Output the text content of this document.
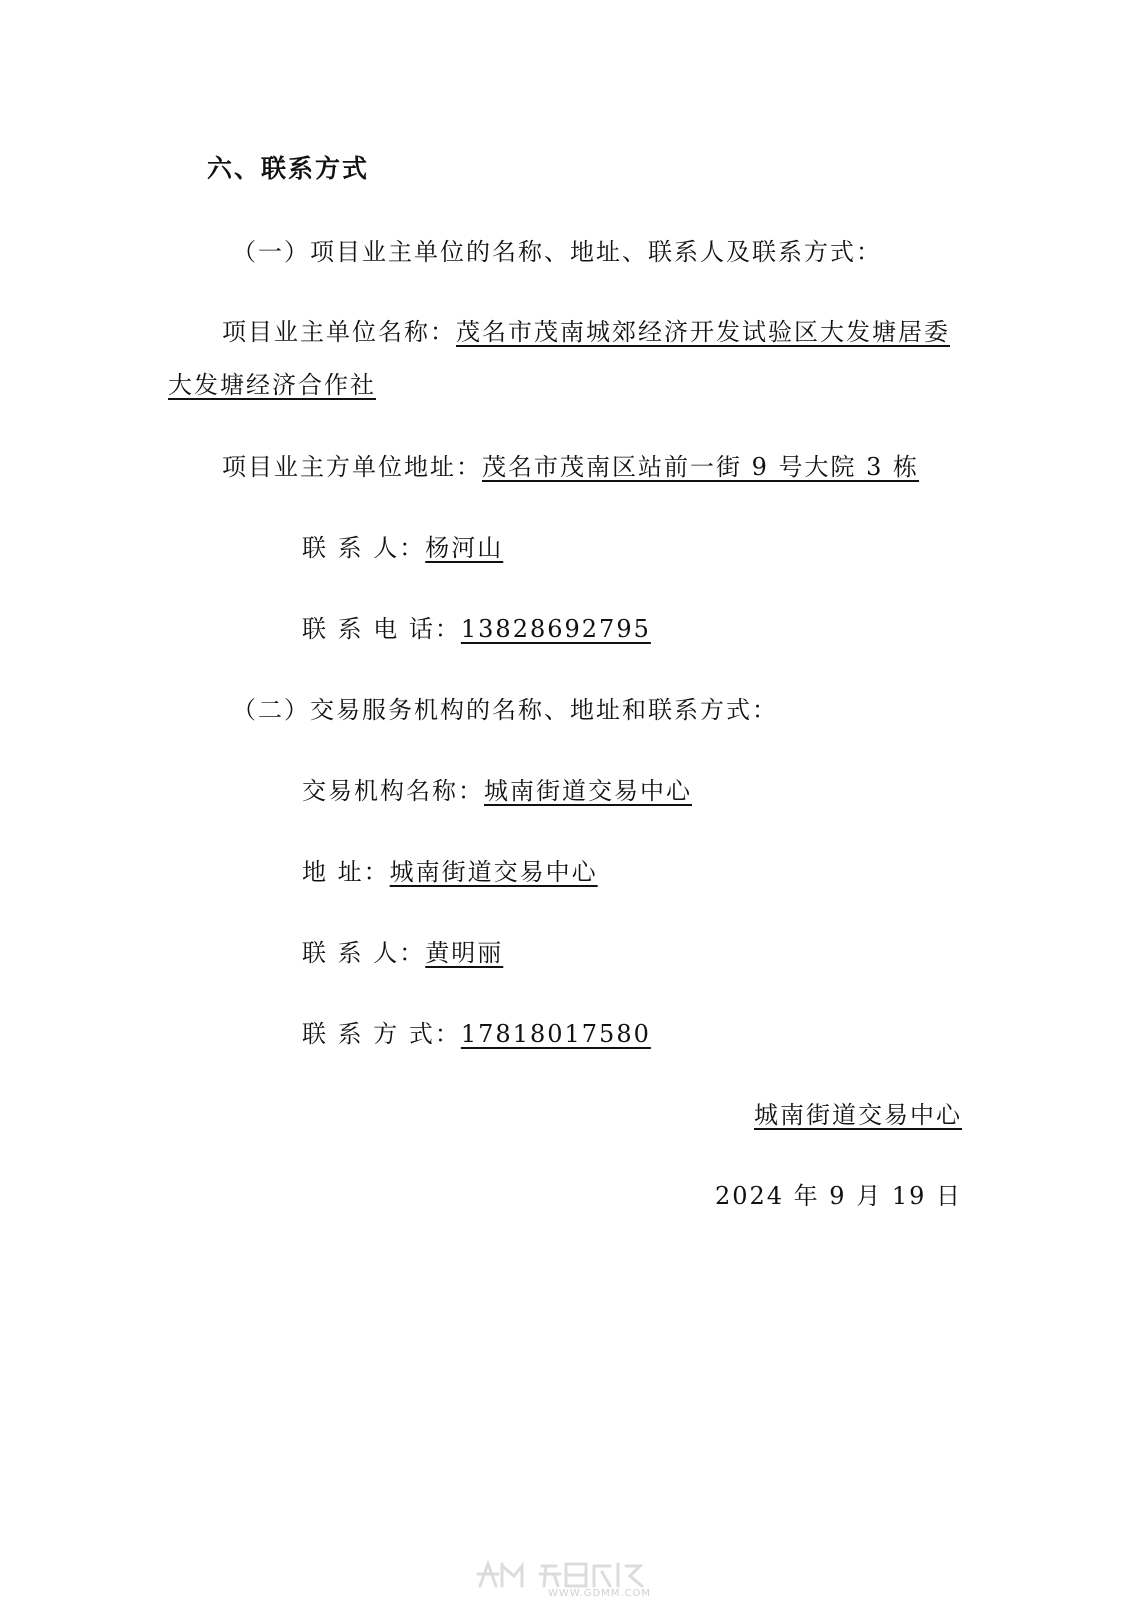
六、联系方式
（一）项目业主单位的名称、地址、联系人及联系方式：
项目业主单位名称：茂名市茂南城郊经济开发试验区大发塘居委
大发塘经济合作社
项目业主方单位地址：茂名市茂南区站前一街 9 号大院 3 栋
联 系 人：杨河山
联 系 电 话：13828692795
（二）交易服务机构的名称、地址和联系方式：
交易机构名称：城南街道交易中心
地 址：城南街道交易中心
联 系 人：黄明丽
联 系 方 式：17818017580
城南街道交易中心
2024 年 9 月 19 日
WWW.GDMM.COM
